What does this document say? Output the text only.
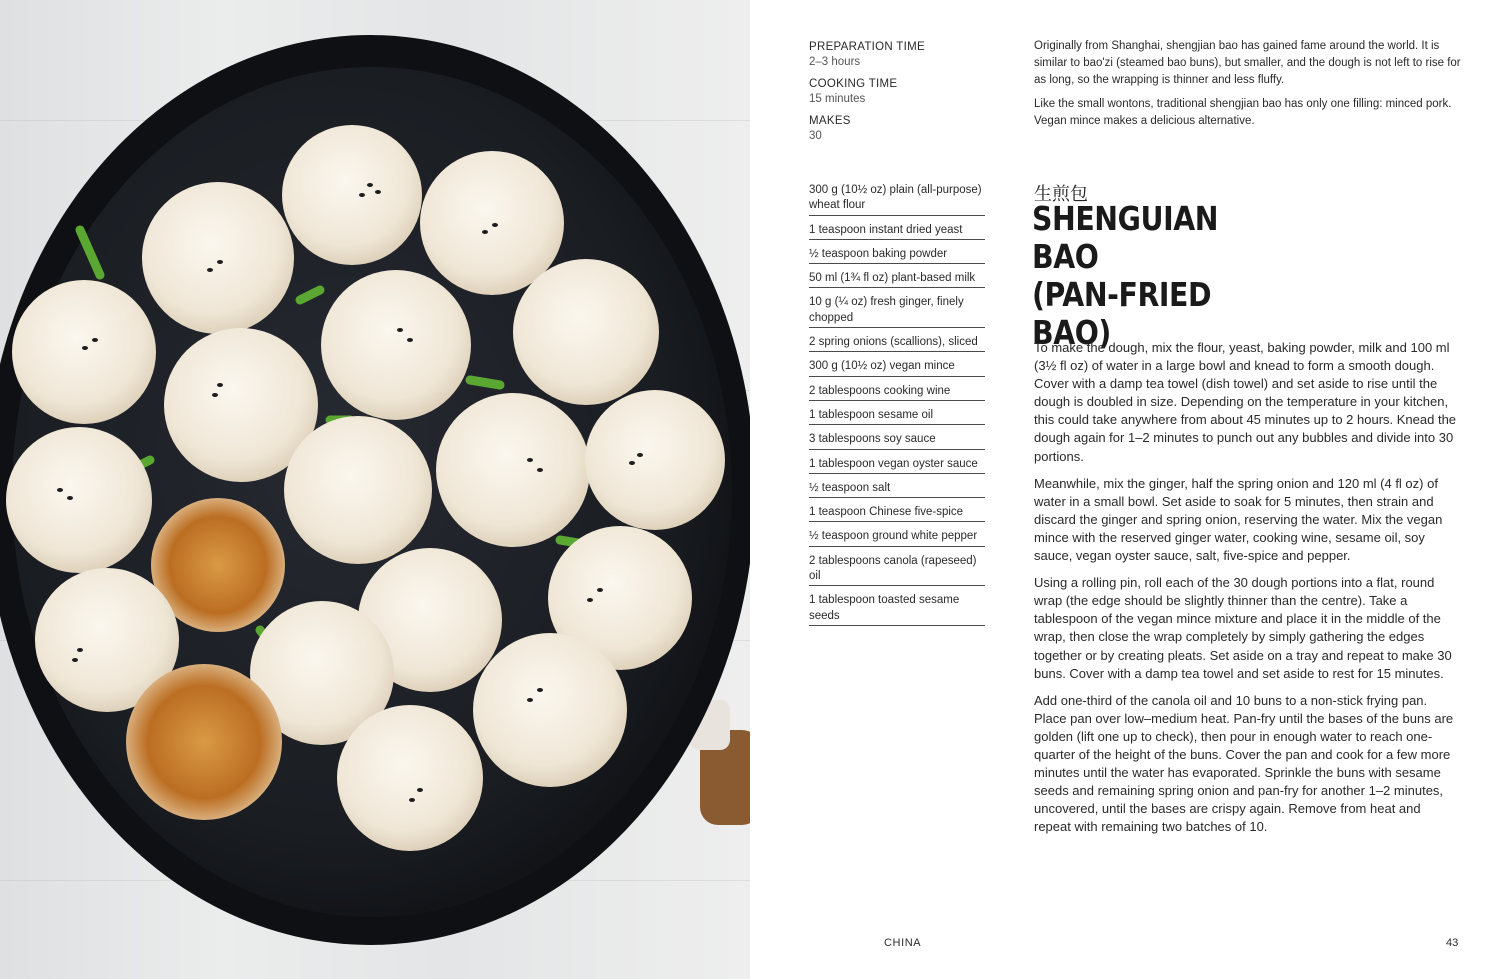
PREPARATION TIME
2–3 hours
COOKING TIME
15 minutes
MAKES
30
Originally from Shanghai, shengjian bao has gained fame around the world. It is similar to bao'zi (steamed bao buns), but smaller, and the dough is not left to rise for as long, so the wrapping is thinner and less fluffy.
Like the small wontons, traditional shengjian bao has only one filling: minced pork. Vegan mince makes a delicious alternative.
300 g (10½ oz) plain (all-purpose) wheat flour
1 teaspoon instant dried yeast
½ teaspoon baking powder
50 ml (1¾ fl oz) plant-based milk
10 g (¼ oz) fresh ginger, finely chopped
2 spring onions (scallions), sliced
300 g (10½ oz) vegan mince
2 tablespoons cooking wine
1 tablespoon sesame oil
3 tablespoons soy sauce
1 tablespoon vegan oyster sauce
½ teaspoon salt
1 teaspoon Chinese five-spice
½ teaspoon ground white pepper
2 tablespoons canola (rapeseed) oil
1 tablespoon toasted sesame seeds
生煎包
SHENGUIAN BAO
(PAN-FRIED BAO)

To make the dough, mix the flour, yeast, baking powder, milk and 100 ml (3½ fl oz) of water in a large bowl and knead to form a smooth dough. Cover with a damp tea towel (dish towel) and set aside to rise until the dough is doubled in size. Depending on the temperature in your kitchen, this could take anywhere from about 45 minutes up to 2 hours. Knead the dough again for 1–2 minutes to punch out any bubbles and divide into 30 portions.

Meanwhile, mix the ginger, half the spring onion and 120 ml (4 fl oz) of water in a small bowl. Set aside to soak for 5 minutes, then strain and discard the ginger and spring onion, reserving the water. Mix the vegan mince with the reserved ginger water, cooking wine, sesame oil, soy sauce, vegan oyster sauce, salt, five-spice and pepper.

Using a rolling pin, roll each of the 30 dough portions into a flat, round wrap (the edge should be slightly thinner than the centre). Take a tablespoon of the vegan mince mixture and place it in the middle of the wrap, then close the wrap completely by simply gathering the edges together or by creating pleats. Set aside on a tray and repeat to make 30 buns. Cover with a damp tea towel and set aside to rest for 15 minutes.

Add one-third of the canola oil and 10 buns to a non-stick frying pan. Place pan over low–medium heat. Pan-fry until the bases of the buns are golden (lift one up to check), then pour in enough water to reach one-quarter of the height of the buns. Cover the pan and cook for a few more minutes until the water has evaporated. Sprinkle the buns with sesame seeds and remaining spring onion and pan-fry for another 1–2 minutes, uncovered, until the bases are crispy again. Remove from heat and repeat with remaining two batches of 10.

CHINA	43
